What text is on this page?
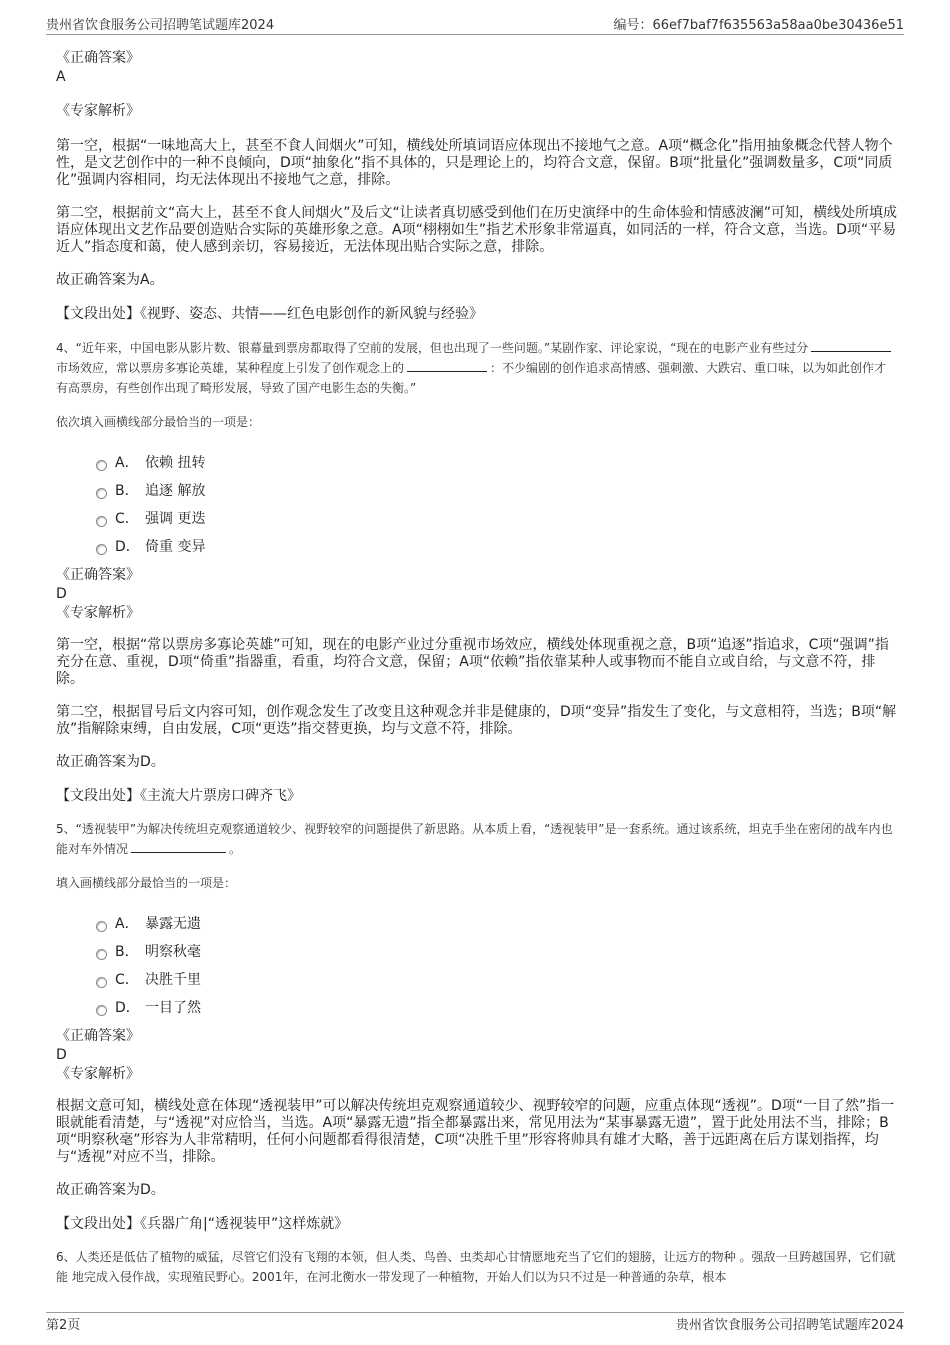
贵州省饮食服务公司招聘笔试题库2024	编号：66ef7baf7f635563a58aa0be30436e51

《正确答案》

A

《专家解析》

第一空，根据“一味地高大上，甚至不食人间烟火”可知，横线处所填词语应体现出不接地气之意。A项“概念化”指用抽象概念代替人物个性，是文艺创作中的一种不良倾向，D项“抽象化”指不具体的，只是理论上的，均符合文意，保留。B项“批量化”强调数量多，C项“同质化”强调内容相同，均无法体现出不接地气之意，排除。

第二空，根据前文“高大上，甚至不食人间烟火”及后文“让读者真切感受到他们在历史演绎中的生命体验和情感波澜”可知，横线处所填成语应体现出文艺作品要创造贴合实际的英雄形象之意。A项“栩栩如生”指艺术形象非常逼真，如同活的一样，符合文意，当选。D项“平易近人”指态度和蔼，使人感到亲切，容易接近，无法体现出贴合实际之意，排除。

故正确答案为A。

【文段出处】《视野、姿态、共情——红色电影创作的新风貌与经验》

4、“近年来，中国电影从影片数、银幕量到票房都取得了空前的发展，但也出现了一些问题。”某剧作家、评论家说，“现在的电影产业有些过分市场效应，常以票房多寡论英雄，某种程度上引发了创作观念上的	：不少编剧的创作追求高情感、强刺激、大跌宕、重口味，以为如此创作才有高票房，有些创作出现了畸形发展，导致了国产电影生态的失衡。”

依次填入画横线部分最恰当的一项是：

A． 依赖 扭转
B． 追逐 解放
C． 强调 更迭
D． 倚重 变异

《正确答案》

D

《专家解析》

第一空，根据“常以票房多寡论英雄”可知，现在的电影产业过分重视市场效应，横线处体现重视之意，B项“追逐”指追求，C项“强调”指充分在意、重视，D项“倚重”指器重，看重，均符合文意，保留；A项“依赖”指依靠某种人或事物而不能自立或自给，与文意不符，排除。

第二空，根据冒号后文内容可知，创作观念发生了改变且这种观念并非是健康的，D项“变异”指发生了变化，与文意相符，当选；B项“解放”指解除束缚，自由发展，C项“更迭”指交替更换，均与文意不符，排除。

故正确答案为D。

【文段出处】《主流大片票房口碑齐飞》

5、“透视装甲”为解决传统坦克观察通道较少、视野较窄的问题提供了新思路。从本质上看，“透视装甲”是一套系统。通过该系统，坦克手坐在密闭的战车内也能对车外情况	。

填入画横线部分最恰当的一项是：

A． 暴露无遗
B． 明察秋毫
C． 决胜千里
D． 一目了然

《正确答案》

D

《专家解析》

根据文意可知，横线处意在体现“透视装甲”可以解决传统坦克观察通道较少、视野较窄的问题，应重点体现“透视”。D项“一目了然”指一眼就能看清楚，与“透视”对应恰当，当选。A项“暴露无遗”指全都暴露出来，常见用法为“某事暴露无遗”，置于此处用法不当，排除；B项“明察秋毫”形容为人非常精明，任何小问题都看得很清楚，C项“决胜千里”形容将帅具有雄才大略，善于远距离在后方谋划指挥，均与“透视”对应不当，排除。

故正确答案为D。

【文段出处】《兵器广角|“透视装甲”这样炼就》

6、人类还是低估了植物的威猛，尽管它们没有飞翔的本领，但人类、鸟兽、虫类却心甘情愿地充当了它们的翅膀，让远方的物种 。强敌一旦跨越国界，它们就能 地完成入侵作战，实现殖民野心。2001年，在河北衡水一带发现了一种植物，开始人们以为只不过是一种普通的杂草，根本

第2页	贵州省饮食服务公司招聘笔试题库2024
